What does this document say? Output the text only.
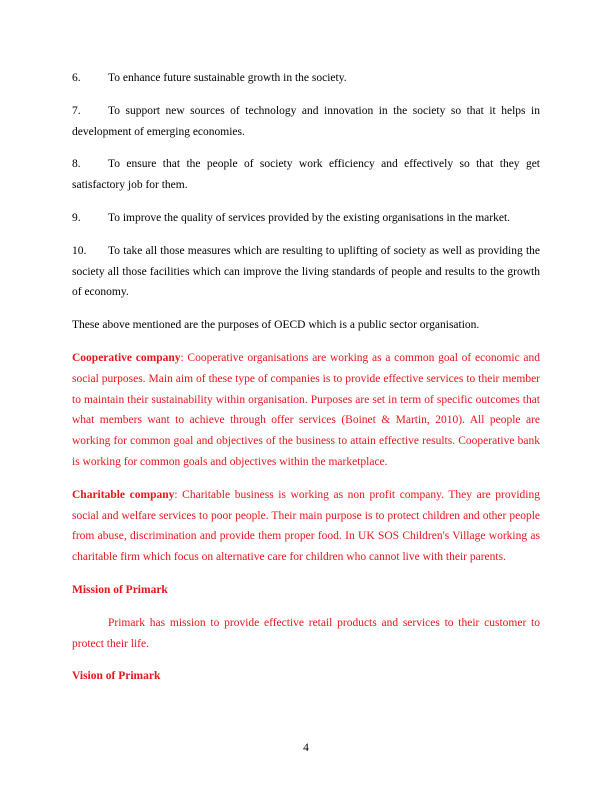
6. To enhance future sustainable growth in the society.

7. To support new sources of technology and innovation in the society so that it helps in development of emerging economies.

8. To ensure that the people of society work efficiency and effectively so that they get satisfactory job for them.

9. To improve the quality of services provided by the existing organisations in the market.

10. To take all those measures which are resulting to uplifting of society as well as providing the society all those facilities which can improve the living standards of people and results to the growth of economy.

These above mentioned are the purposes of OECD which is a public sector organisation.

Cooperative company: Cooperative organisations are working as a common goal of economic and social purposes. Main aim of these type of companies is to provide effective services to their member to maintain their sustainability within organisation. Purposes are set in term of specific outcomes that what members want to achieve through offer services (Boinet & Martin, 2010). All people are working for common goal and objectives of the business to attain effective results. Cooperative bank is working for common goals and objectives within the marketplace.

Charitable company: Charitable business is working as non profit company. They are providing social and welfare services to poor people. Their main purpose is to protect children and other people from abuse, discrimination and provide them proper food. In UK SOS Children's Village working as charitable firm which focus on alternative care for children who cannot live with their parents.

Mission of Primark

Primark has mission to provide effective retail products and services to their customer to protect their life.

Vision of Primark

4
